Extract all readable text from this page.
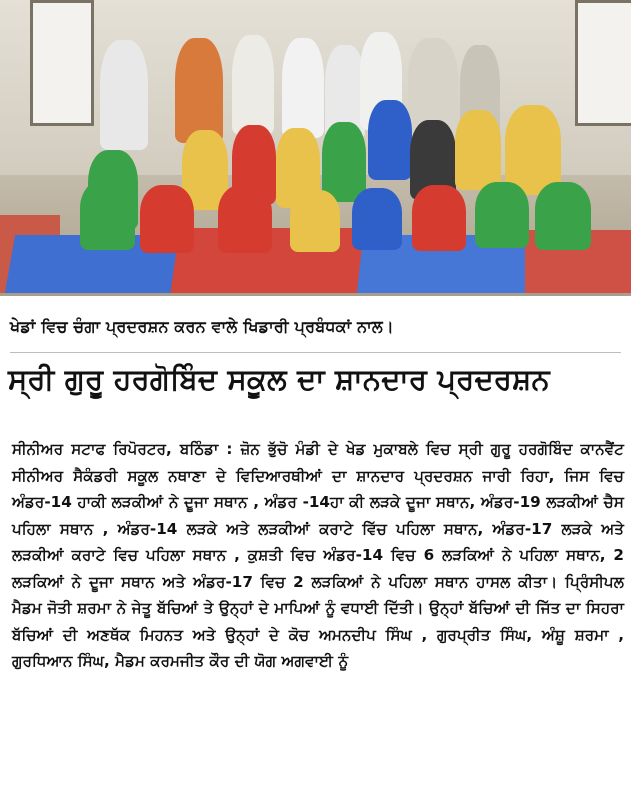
ਖੇਡਾਂ ਵਿਚ ਚੰਗਾ ਪ੍ਰਦਰਸ਼ਨ ਕਰਨ ਵਾਲੇ ਖਿਡਾਰੀ ਪ੍ਰਬੰਧਕਾਂ ਨਾਲ।
ਸ੍ਰੀ ਗੁਰੂ ਹਰਗੋਬਿੰਦ ਸਕੂਲ ਦਾ ਸ਼ਾਨਦਾਰ ਪ੍ਰਦਰਸ਼ਨ

ਸੀਨੀਅਰ ਸਟਾਫ ਰਿਪੋਰਟਰ, ਬਠਿੰਡਾ : ਜ਼ੋਨ ਭੁੱਚੋ ਮੰਡੀ ਦੇ ਖੇਡ ਮੁਕਾਬਲੇ ਵਿਚ ਸ੍ਰੀ ਗੁਰੂ ਹਰਗੋਬਿੰਦ ਕਾਨਵੈਂਟ ਸੀਨੀਅਰ ਸੈਕੰਡਰੀ ਸਕੂਲ ਨਥਾਣਾ ਦੇ ਵਿਦਿਆਰਥੀਆਂ ਦਾ ਸ਼ਾਨਦਾਰ ਪ੍ਰਦਰਸ਼ਨ ਜਾਰੀ ਰਿਹਾ, ਜਿਸ ਵਿਚ ਅੰਡਰ-14 ਹਾਕੀ ਲੜਕੀਆਂ ਨੇ ਦੂਜਾ ਸਥਾਨ , ਅੰਡਰ -14ਹਾ ਕੀ ਲੜਕੇ ਦੂਜਾ ਸਥਾਨ, ਅੰਡਰ-19 ਲੜਕੀਆਂ ਚੈਸ ਪਹਿਲਾ ਸਥਾਨ , ਅੰਡਰ-14 ਲੜਕੇ ਅਤੇ ਲੜਕੀਆਂ ਕਰਾਟੇ ਵਿੱਚ ਪਹਿਲਾ ਸਥਾਨ, ਅੰਡਰ-17 ਲੜਕੇ ਅਤੇ ਲੜਕੀਆਂ ਕਰਾਟੇ ਵਿਚ ਪਹਿਲਾ ਸਥਾਨ , ਕੁਸ਼ਤੀ ਵਿਚ ਅੰਡਰ-14 ਵਿਚ 6 ਲੜਕਿਆਂ ਨੇ ਪਹਿਲਾ ਸਥਾਨ, 2 ਲੜਕਿਆਂ ਨੇ ਦੂਜਾ ਸਥਾਨ ਅਤੇ ਅੰਡਰ-17 ਵਿਚ 2 ਲੜਕਿਆਂ ਨੇ ਪਹਿਲਾ ਸਥਾਨ ਹਾਸਲ ਕੀਤਾ। ਪ੍ਰਿੰਸੀਪਲ ਮੈਡਮ ਜੋਤੀ ਸ਼ਰਮਾ ਨੇ ਜੇਤੂ ਬੱਚਿਆਂ ਤੇ ਉਨ੍ਹਾਂ ਦੇ ਮਾਪਿਆਂ ਨੂੰ ਵਧਾਈ ਦਿੱਤੀ। ਉਨ੍ਹਾਂ ਬੱਚਿਆਂ ਦੀ ਜਿੱਤ ਦਾ ਸਿਹਰਾ ਬੱਚਿਆਂ ਦੀ ਅਣਥੱਕ ਮਿਹਨਤ ਅਤੇ ਉਨ੍ਹਾਂ ਦੇ ਕੋਚ ਅਮਨਦੀਪ ਸਿੰਘ , ਗੁਰਪ੍ਰੀਤ ਸਿੰਘ, ਅੰਸ਼ੂ ਸ਼ਰਮਾ , ਗੁਰਧਿਆਨ ਸਿੰਘ, ਮੈਡਮ ਕਰਮਜੀਤ ਕੌਰ ਦੀ ਯੋਗ ਅਗਵਾਈ ਨੂੰ
